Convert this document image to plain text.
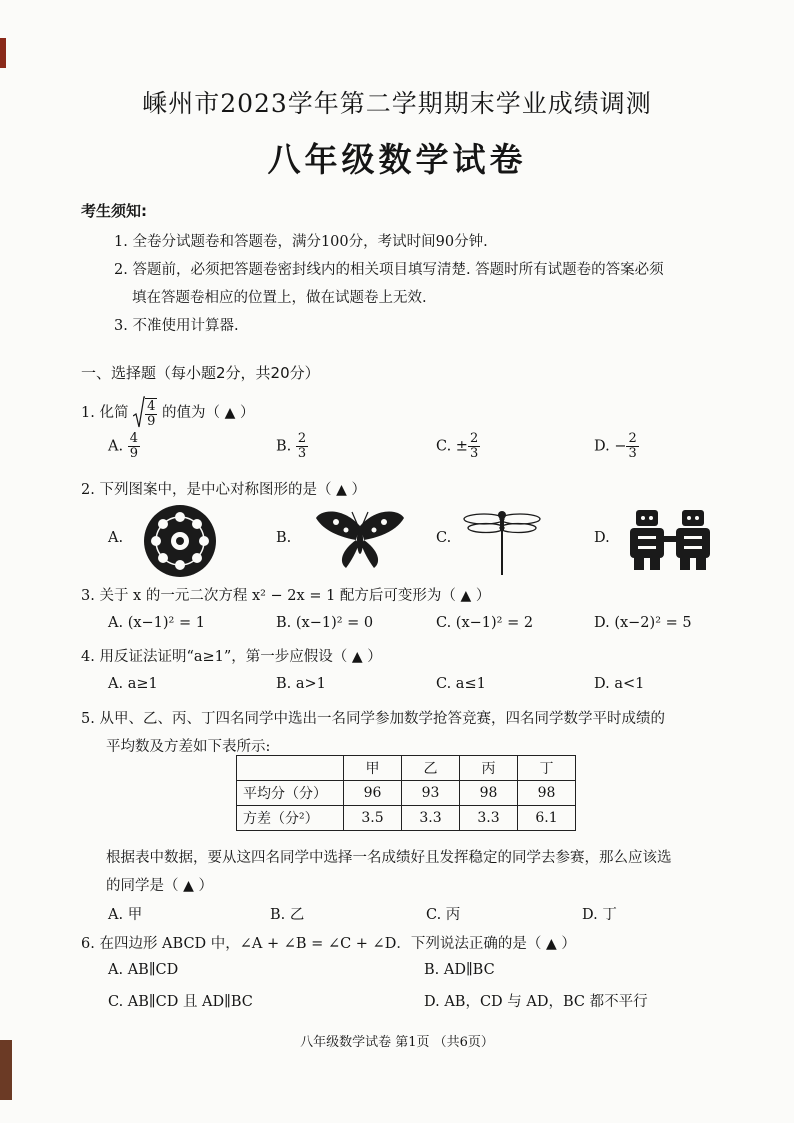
嵊州市2023学年第二学期期末学业成绩调测
八年级数学试卷
考生须知:
1. 全卷分试题卷和答题卷，满分100分，考试时间90分钟.
2. 答题前，必须把答题卷密封线内的相关项目填写清楚. 答题时所有试题卷的答案必须
填在答题卷相应的位置上，做在试题卷上无效.
3. 不准使用计算器.
一、选择题（每小题2分，共20分）
1. 化简 $\frac{4}{9}$ 的值为（ ▲ ）
A. $\frac{4}{9}$	B. $\frac{2}{3}$	C. ± $\frac{2}{3}$	D. − $\frac{2}{3}$
2. 下列图案中，是中心对称图形的是（ ▲ ）
A.	B.	C.	D.
3. 关于 x 的一元二次方程 x² − 2x = 1 配方后可变形为（ ▲ ）
A. (x−1)² = 1	B. (x−1)² = 0	C. (x−1)² = 2	D. (x−2)² = 5
4. 用反证法证明“a≥1”，第一步应假设（ ▲ ）
A. a≥1	B. a>1	C. a≤1	D. a<1
5. 从甲、乙、丙、丁四名同学中选出一名同学参加数学抢答竞赛，四名同学数学平时成绩的
平均数及方差如下表所示:
	甲	乙	丙	丁
平均分（分）	96	93	98	98
方差（分²）	3.5	3.3	3.3	6.1
根据表中数据，要从这四名同学中选择一名成绩好且发挥稳定的同学去参赛，那么应该选
的同学是（ ▲ ）
A. 甲	B. 乙	C. 丙	D. 丁
6. 在四边形 ABCD 中，∠A + ∠B = ∠C + ∠D．下列说法正确的是（ ▲ ）
A. AB∥CD	B. AD∥BC
C. AB∥CD 且 AD∥BC	D. AB，CD 与 AD，BC 都不平行
八年级数学试卷 第1页 （共6页）
